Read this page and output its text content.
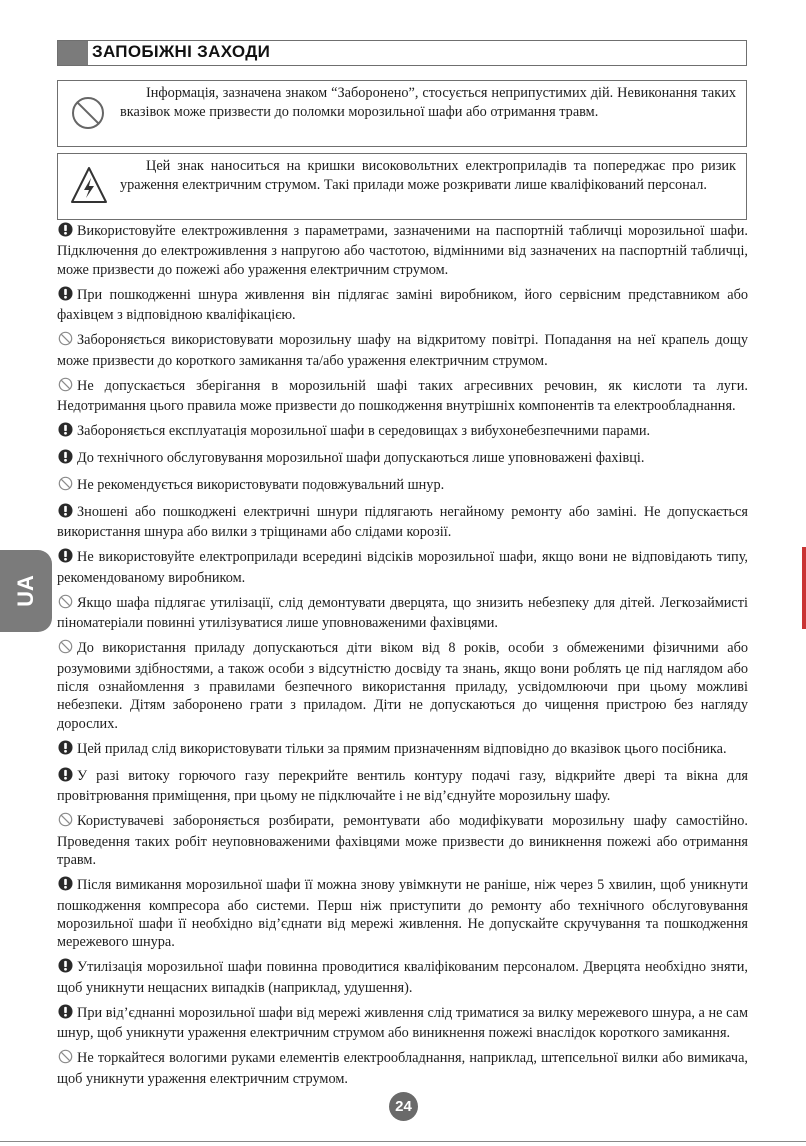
ЗАПОБІЖНІ ЗАХОДИ
Інформація, зазначена знаком “Заборонено”, стосується неприпустимих дій. Невиконання таких вказівок може призвести до поломки морозильної шафи або отримання травм.
Цей знак наноситься на кришки високовольтних електроприладів та попереджає про ризик ураження електричним струмом. Такі прилади може розкривати лише кваліфікований персонал.

Використовуйте електроживлення з параметрами, зазначеними на паспортній табличці морозильної шафи. Підключення до електроживлення з напругою або частотою, відмінними від зазначених на паспортній табличці, може призвести до пожежі або ураження електричним струмом.

При пошкодженні шнура живлення він підлягає заміні виробником, його сервісним представником або фахівцем з відповідною кваліфікацією.

Забороняється використовувати морозильну шафу на відкритому повітрі. Попадання на неї крапель дощу може призвести до короткого замикання та/або ураження електричним струмом.

Не допускається зберігання в морозильній шафі таких агресивних речовин, як кислоти та луги. Недотримання цього правила може призвести до пошкодження внутрішніх компонентів та електрообладнання.

Забороняється експлуатація морозильної шафи в середовищах з вибухонебезпечними парами.

До технічного обслуговування морозильної шафи допускаються лише уповноважені фахівці.

Не рекомендується використовувати подовжувальний шнур.

Зношені або пошкоджені електричні шнури підлягають негайному ремонту або заміні. Не допускається використання шнура або вилки з тріщинами або слідами корозії.

Не використовуйте електроприлади всередині відсіків морозильної шафи, якщо вони не відповідають типу, рекомендованому виробником.

Якщо шафа підлягає утилізації, слід демонтувати дверцята, що знизить небезпеку для дітей. Легкозаймисті піноматеріали повинні утилізуватися лише уповноваженими фахівцями.

До використання приладу допускаються діти віком від 8 років, особи з обмеженими фізичними або розумовими здібностями, а також особи з відсутністю досвіду та знань, якщо вони роблять це під наглядом або після ознайомлення з правилами безпечного використання приладу, усвідомлюючи при цьому можливі небезпеки. Дітям заборонено грати з приладом. Діти не допускаються до чищення пристрою без нагляду дорослих.

Цей прилад слід використовувати тільки за прямим призначенням відповідно до вказівок цього посібника.

У разі витоку горючого газу перекрийте вентиль контуру подачі газу, відкрийте двері та вікна для провітрювання приміщення, при цьому не підключайте і не від’єднуйте морозильну шафу.

Користувачеві забороняється розбирати, ремонтувати або модифікувати морозильну шафу самостійно. Проведення таких робіт неуповноваженими фахівцями може призвести до виникнення пожежі або отримання травм.

Після вимикання морозильної шафи її можна знову увімкнути не раніше, ніж через 5 хвилин, щоб уникнути пошкодження компресора або системи. Перш ніж приступити до ремонту або технічного обслуговування морозильної шафи її необхідно від’єднати від мережі живлення. Не допускайте скручування та пошкодження мережевого шнура.

Утилізація морозильної шафи повинна проводитися кваліфікованим персоналом. Дверцята необхідно зняти, щоб уникнути нещасних випадків (наприклад, удушення).

При від’єднанні морозильної шафи від мережі живлення слід триматися за вилку мережевого шнура, а не сам шнур, щоб уникнути ураження електричним струмом або виникнення пожежі внаслідок короткого замикання.

Не торкайтеся вологими руками елементів електрообладнання, наприклад, штепсельної вилки або вимикача, щоб уникнути ураження електричним струмом.

UA
24
